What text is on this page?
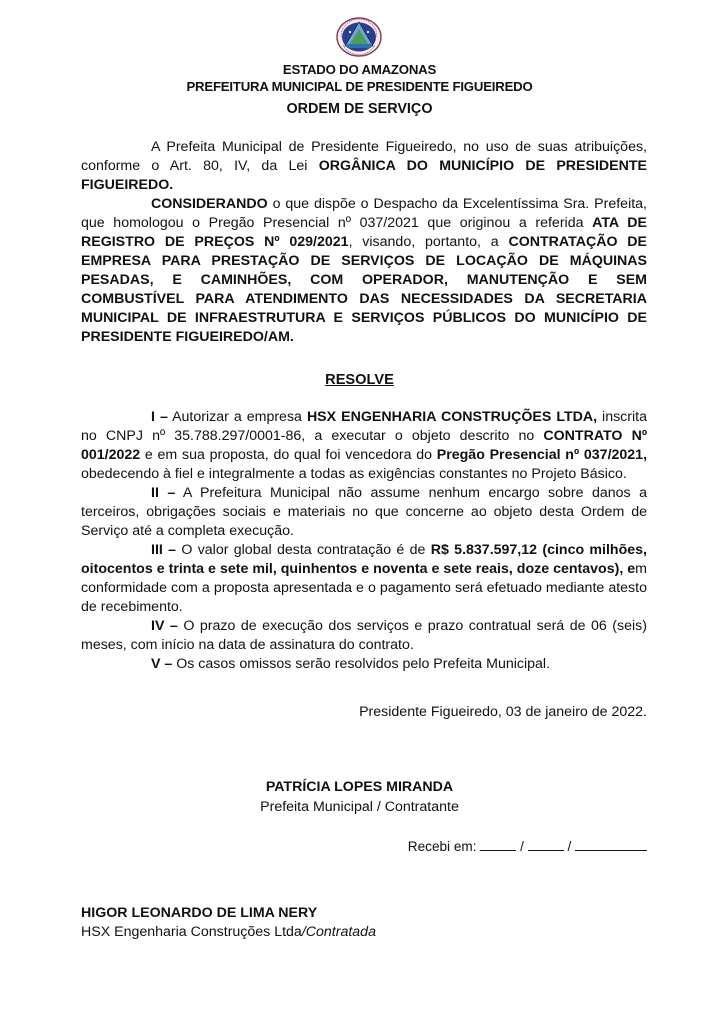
ESTADO DO AMAZONAS
PREFEITURA MUNICIPAL DE PRESIDENTE FIGUEIREDO
ORDEM DE SERVIÇO

A Prefeita Municipal de Presidente Figueiredo, no uso de suas atribuições, conforme o Art. 80, IV, da Lei ORGÂNICA DO MUNICÍPIO DE PRESIDENTE FIGUEIREDO.

CONSIDERANDO o que dispõe o Despacho da Excelentíssima Sra. Prefeita, que homologou o Pregão Presencial nº 037/2021 que originou a referida ATA DE REGISTRO DE PREÇOS Nº 029/2021, visando, portanto, a CONTRATAÇÃO DE EMPRESA PARA PRESTAÇÃO DE SERVIÇOS DE LOCAÇÃO DE MÁQUINAS PESADAS, E CAMINHÕES, COM OPERADOR, MANUTENÇÃO E SEM COMBUSTÍVEL PARA ATENDIMENTO DAS NECESSIDADES DA SECRETARIA MUNICIPAL DE INFRAESTRUTURA E SERVIÇOS PÚBLICOS DO MUNICÍPIO DE PRESIDENTE FIGUEIREDO/AM.

RESOLVE

I – Autorizar a empresa HSX ENGENHARIA CONSTRUÇÕES LTDA, inscrita no CNPJ nº 35.788.297/0001-86, a executar o objeto descrito no CONTRATO Nº 001/2022 e em sua proposta, do qual foi vencedora do Pregão Presencial nº 037/2021, obedecendo à fiel e integralmente a todas as exigências constantes no Projeto Básico.

II – A Prefeitura Municipal não assume nenhum encargo sobre danos a terceiros, obrigações sociais e materiais no que concerne ao objeto desta Ordem de Serviço até a completa execução.

III – O valor global desta contratação é de R$ 5.837.597,12 (cinco milhões, oitocentos e trinta e sete mil, quinhentos e noventa e sete reais, doze centavos), em conformidade com a proposta apresentada e o pagamento será efetuado mediante atesto de recebimento.

IV – O prazo de execução dos serviços e prazo contratual será de 06 (seis) meses, com início na data de assinatura do contrato.

V – Os casos omissos serão resolvidos pelo Prefeita Municipal.

Presidente Figueiredo, 03 de janeiro de 2022.
PATRÍCIA LOPES MIRANDA
Prefeita Municipal / Contratante
Recebi em:	/	/
HIGOR LEONARDO DE LIMA NERY
HSX Engenharia Construções Ltda/Contratada
